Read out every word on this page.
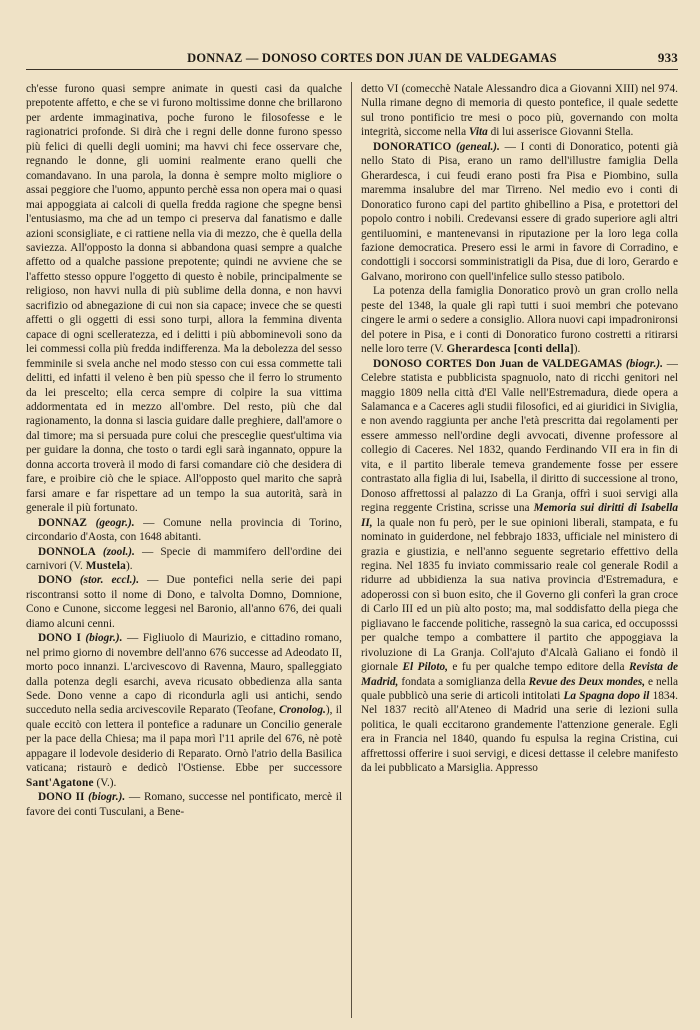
DONNAZ — DONOSO CORTES DON JUAN DE VALDEGAMAS	933

ch'esse furono quasi sempre animate in questi casi da qualche prepotente affetto, e che se vi furono moltissime donne che brillarono per ardente immaginativa, poche furono le filosofesse e le ragionatrici profonde. Si dirà che i regni delle donne furono spesso più felici di quelli degli uomini; ma havvi chi fece osservare che, regnando le donne, gli uomini realmente erano quelli che comandavano. In una parola, la donna è sempre molto migliore o assai peggiore che l'uomo, appunto perchè essa non opera mai o quasi mai appoggiata ai calcoli di quella fredda ragione che spegne bensì l'entusiasmo, ma che ad un tempo ci preserva dal fanatismo e dalle azioni sconsigliate, e ci rattiene nella via di mezzo, che è quella della saviezza. All'opposto la donna si abbandona quasi sempre a qualche affetto od a qualche passione prepotente; quindi ne avviene che se l'affetto stesso oppure l'oggetto di questo è nobile, principalmente se religioso, non havvi nulla di più sublime della donna, e non havvi sacrifizio od abnegazione di cui non sia capace; invece che se questi affetti o gli oggetti di essi sono turpi, allora la femmina diventa capace di ogni scelleratezza, ed i delitti i più abbominevoli sono da lei commessi colla più fredda indifferenza. Ma la debolezza del sesso femminile si svela anche nel modo stesso con cui essa commette tali delitti, ed infatti il veleno è ben più spesso che il ferro lo strumento da lei prescelto; ella cerca sempre di colpire la sua vittima addormentata ed in mezzo all'ombre. Del resto, più che dal ragionamento, la donna si lascia guidare dalle preghiere, dall'amore o dal timore; ma si persuada pure colui che presceglie quest'ultima via per guidare la donna, che tosto o tardi egli sarà ingannato, oppure la donna accorta troverà il modo di farsi comandare ciò che desidera di fare, e proibire ciò che le spiace. All'opposto quel marito che saprà farsi amare e far rispettare ad un tempo la sua autorità, sarà in generale il più fortunato.

DONNAZ (geogr.). — Comune nella provincia di Torino, circondario d'Aosta, con 1648 abitanti.

DONNOLA (zool.). — Specie di mammifero dell'ordine dei carnivori (V. Mustela).

DONO (stor. eccl.). — Due pontefici nella serie dei papi riscontransi sotto il nome di Dono, e talvolta Domno, Domnione, Cono e Cunone, siccome leggesi nel Baronio, all'anno 676, dei quali diamo alcuni cenni.

DONO I (biogr.). — Figliuolo di Maurizio, e cittadino romano, nel primo giorno di novembre dell'anno 676 successe ad Adeodato II, morto poco innanzi. L'arcivescovo di Ravenna, Mauro, spalleggiato dalla potenza degli esarchi, aveva ricusato obbedienza alla santa Sede. Dono venne a capo di ricondurla agli usi antichi, sendo succeduto nella sedia arcivescovile Reparato (Teofane, Cronolog.), il quale eccitò con lettera il pontefice a radunare un Concilio generale per la pace della Chiesa; ma il papa morì l'11 aprile del 676, nè potè appagare il lodevole desiderio di Reparato. Ornò l'atrio della Basilica vaticana; ristaurò e dedicò l'Ostiense. Ebbe per successore Sant'Agatone (V.).

DONO II (biogr.). — Romano, successe nel pontificato, mercè il favore dei conti Tusculani, a Bene-

detto VI (comecchè Natale Alessandro dica a Giovanni XIII) nel 974. Nulla rimane degno di memoria di questo pontefice, il quale sedette sul trono pontificio tre mesi o poco più, governando con molta integrità, siccome nella Vita di lui asserisce Giovanni Stella.

DONORATICO (geneal.). — I conti di Donoratico, potenti già nello Stato di Pisa, erano un ramo dell'illustre famiglia Della Gherardesca, i cui feudi erano posti fra Pisa e Piombino, sulla maremma insalubre del mar Tirreno. Nel medio evo i conti di Donoratico furono capi del partito ghibellino a Pisa, e protettori del popolo contro i nobili. Credevansi essere di grado superiore agli altri gentiluomini, e mantenevansi in riputazione per la loro lega colla fazione democratica. Presero essi le armi in favore di Corradino, e condottigli i soccorsi somministratigli da Pisa, due di loro, Gerardo e Galvano, morirono con quell'infelice sullo stesso patibolo.

La potenza della famiglia Donoratico provò un gran crollo nella peste del 1348, la quale gli rapì tutti i suoi membri che potevano cingere le armi o sedere a consiglio. Allora nuovi capi impadronironsi del potere in Pisa, e i conti di Donoratico furono costretti a ritirarsi nelle loro terre (V. Gherardesca [conti della]).

DONOSO CORTES Don Juan de VALDEGAMAS (biogr.). — Celebre statista e pubblicista spagnuolo, nato di ricchi genitori nel maggio 1809 nella città d'El Valle nell'Estremadura, diede opera a Salamanca e a Caceres agli studii filosofici, ed ai giuridici in Siviglia, e non avendo raggiunta per anche l'età prescritta dai regolamenti per essere ammesso nell'ordine degli avvocati, divenne professore al collegio di Caceres. Nel 1832, quando Ferdinando VII era in fin di vita, e il partito liberale temeva grandemente fosse per essere contrastato alla figlia di lui, Isabella, il diritto di successione al trono, Donoso affrettossi al palazzo di La Granja, offrì i suoi servigi alla regina reggente Cristina, scrisse una Memoria sui diritti di Isabella II, la quale non fu però, per le sue opinioni liberali, stampata, e fu nominato in guiderdone, nel febbrajo 1833, ufficiale nel ministero di grazia e giustizia, e nell'anno seguente segretario effettivo della regina. Nel 1835 fu inviato commissario reale col generale Rodil a ridurre ad ubbidienza la sua nativa provincia d'Estremadura, e adoperossi con sì buon esito, che il Governo gli conferì la gran croce di Carlo III ed un più alto posto; ma, mal soddisfatto della piega che pigliavano le faccende politiche, rassegnò la sua carica, ed occuposssi per qualche tempo a combattere il partito che appoggiava la rivoluzione di La Granja. Coll'ajuto d'Alcalà Galiano ei fondò il giornale El Piloto, e fu per qualche tempo editore della Revista de Madrid, fondata a somiglianza della Revue des Deux mondes, e nella quale pubblicò una serie di articoli intitolati La Spagna dopo il 1834. Nel 1837 recitò all'Ateneo di Madrid una serie di lezioni sulla politica, le quali eccitarono grandemente l'attenzione generale. Egli era in Francia nel 1840, quando fu espulsa la regina Cristina, cui affrettossi offerire i suoi servigi, e dicesi dettasse il celebre manifesto da lei pubblicato a Marsiglia. Appresso
